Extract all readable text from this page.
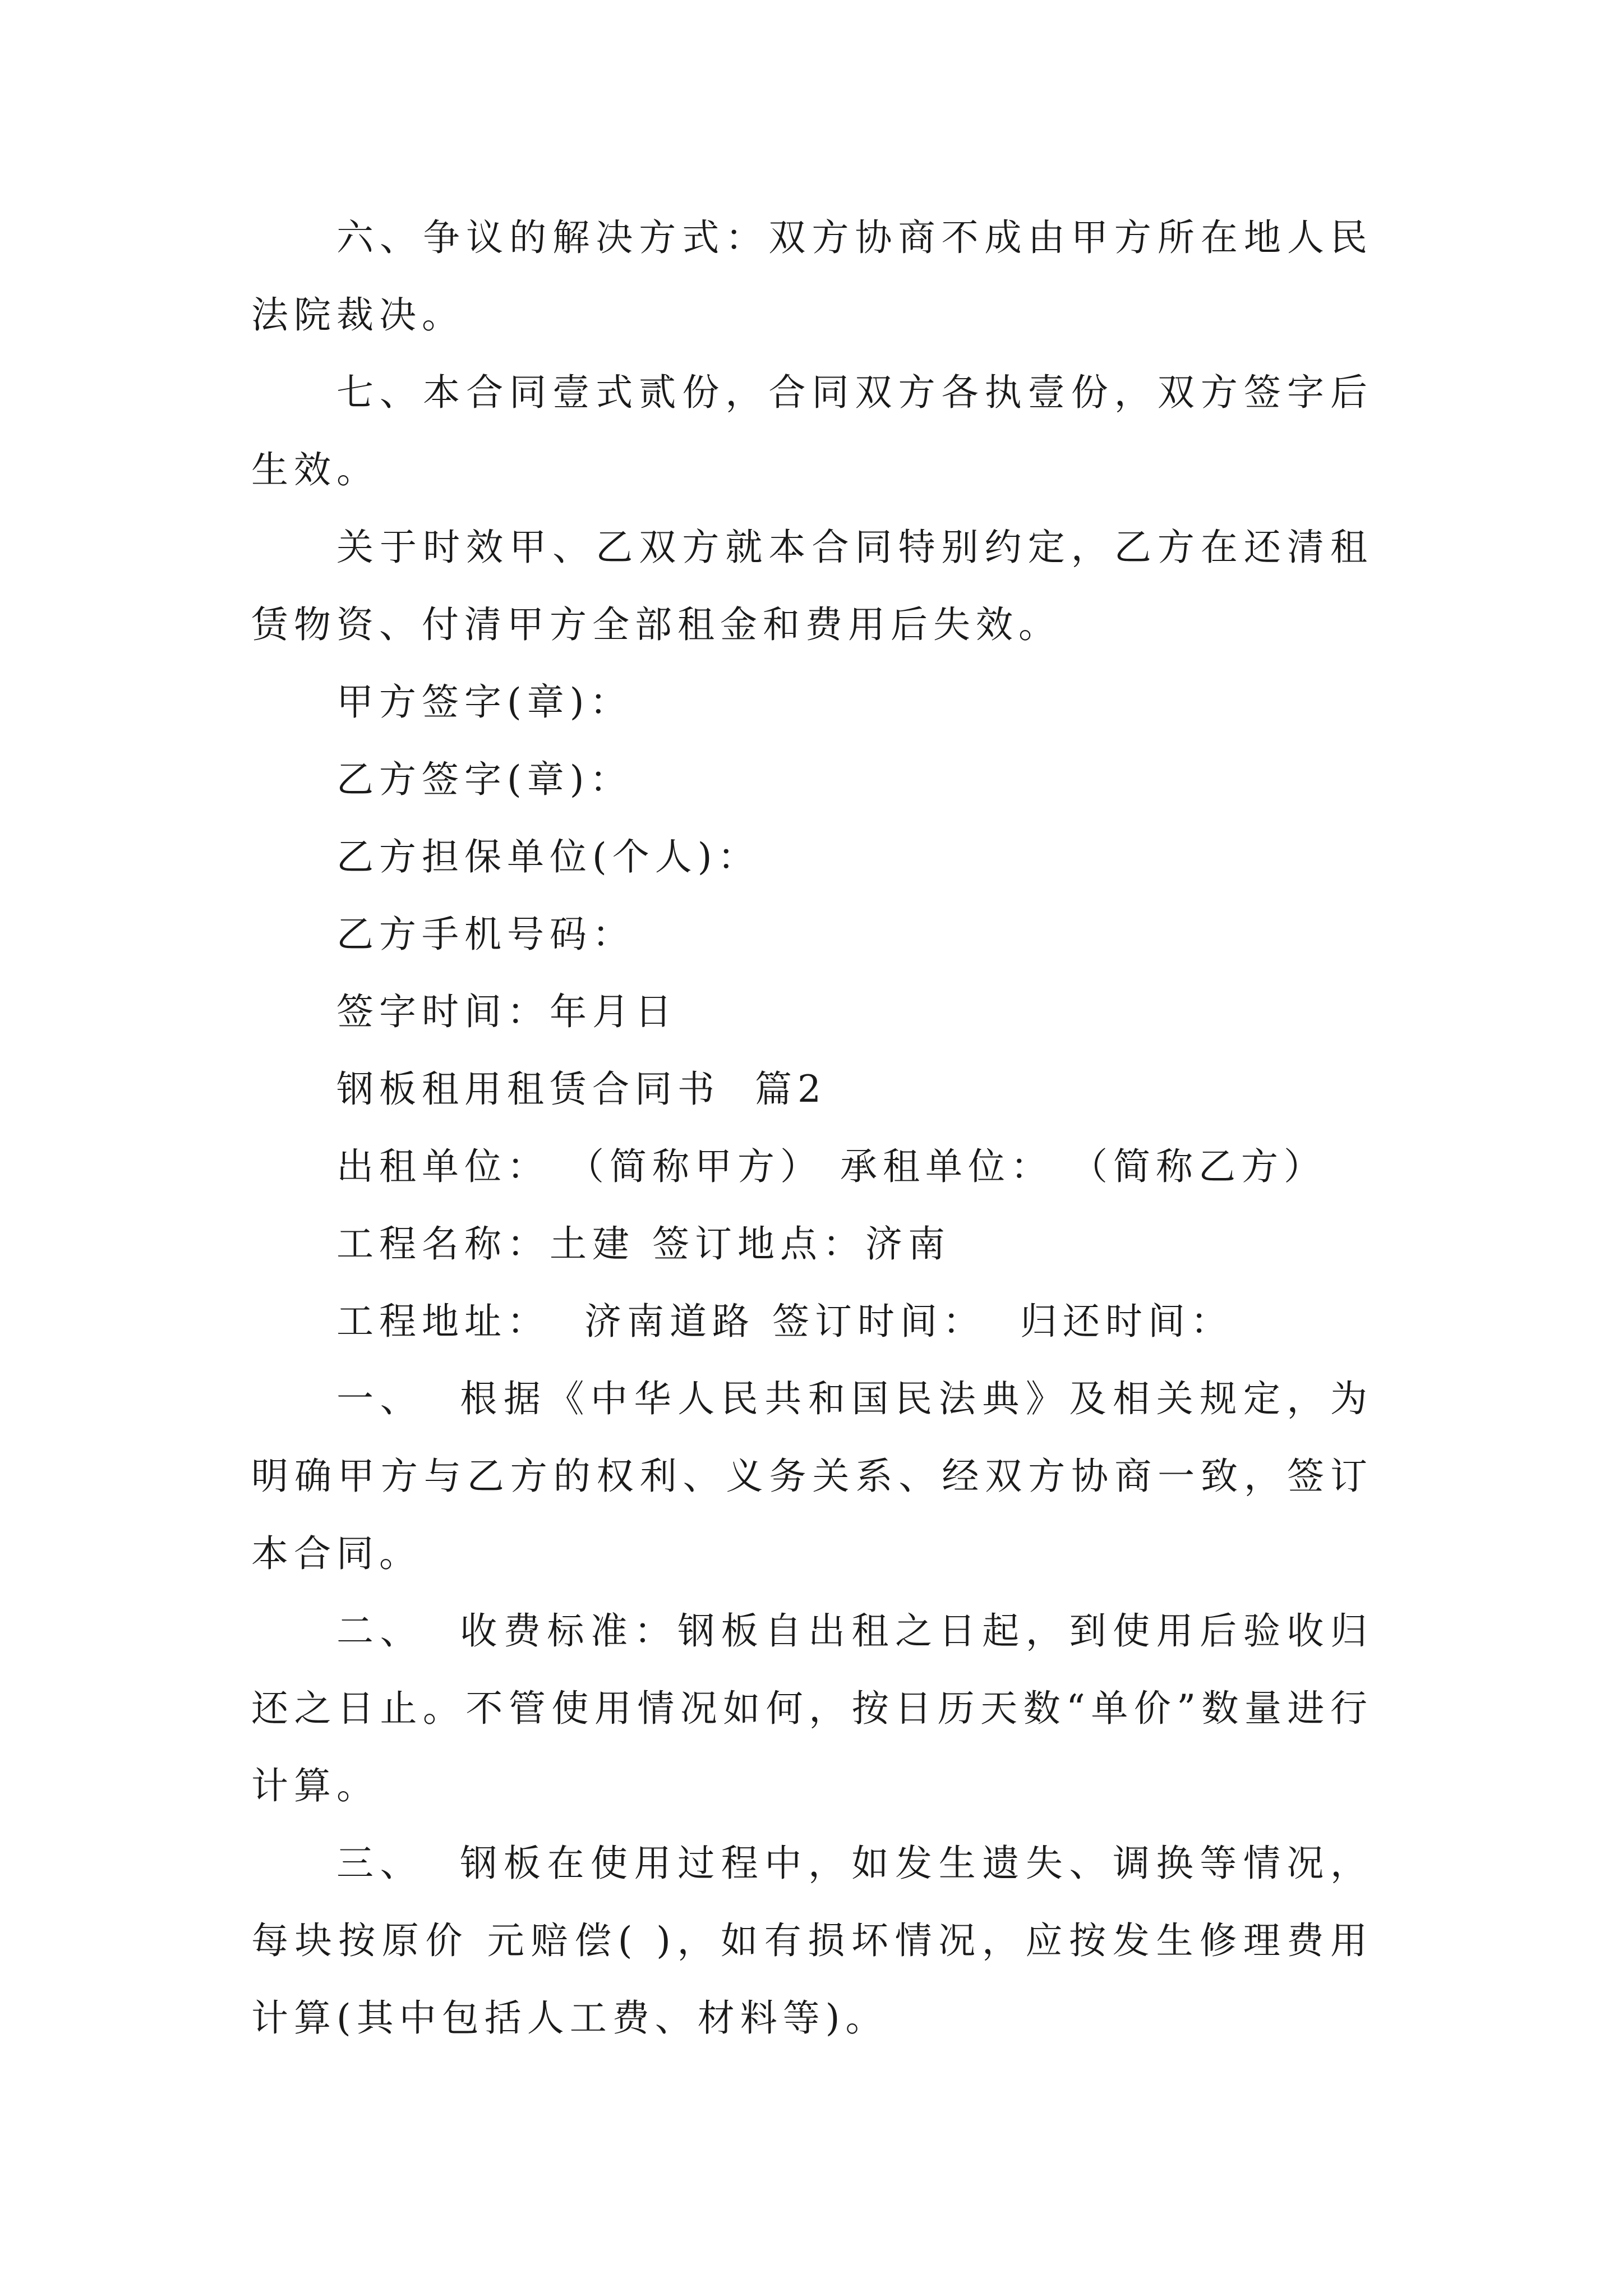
六、争议的解决方式：双方协商不成由甲方所在地人民法院裁决。

七、本合同壹式贰份，合同双方各执壹份，双方签字后生效。

关于时效甲、乙双方就本合同特别约定，乙方在还清租赁物资、付清甲方全部租金和费用后失效。

甲方签字(章)：

乙方签字(章)：

乙方担保单位(个人)：

乙方手机号码：

签字时间：年月日

钢板租用租赁合同书  篇2

出租单位： （简称甲方） 承租单位： （简称乙方）

工程名称：土建 签订地点：济南

工程地址：  济南道路 签订时间：  归还时间：

一、  根据《中华人民共和国民法典》及相关规定，为明确甲方与乙方的权利、义务关系、经双方协商一致，签订本合同。

二、  收费标准：钢板自出租之日起，到使用后验收归还之日止。不管使用情况如何，按日历天数“单价”数量进行计算。

三、  钢板在使用过程中，如发生遗失、调换等情况，每块按原价 元赔偿( )，如有损坏情况，应按发生修理费用计算(其中包括人工费、材料等)。
